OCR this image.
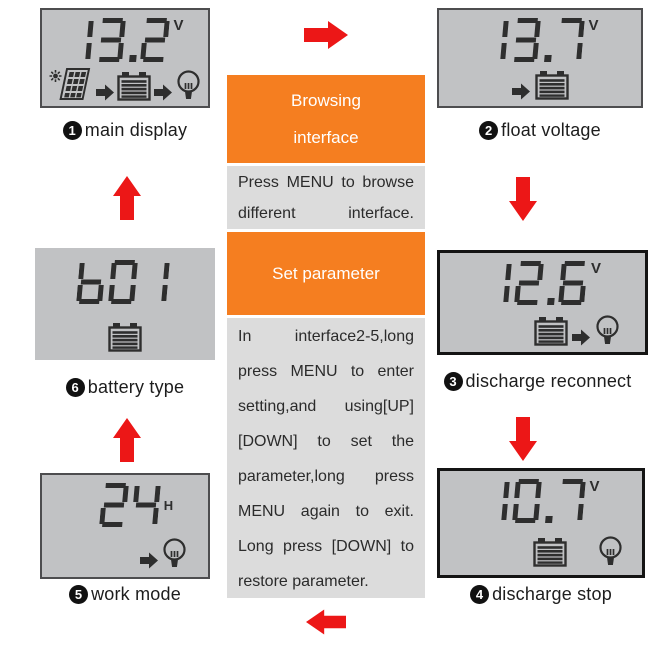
V
1 main display
V
2 float voltage
V
3 discharge reconnect
V
4 discharge stop
H
5 work mode
6 battery type
Browsing interface
Press MENU to browse different interface.
Set parameter
In interface2-5,long press MENU to enter setting,and using[UP] [DOWN] to set the parameter,long press MENU again to exit. Long press [DOWN] to restore parameter.
